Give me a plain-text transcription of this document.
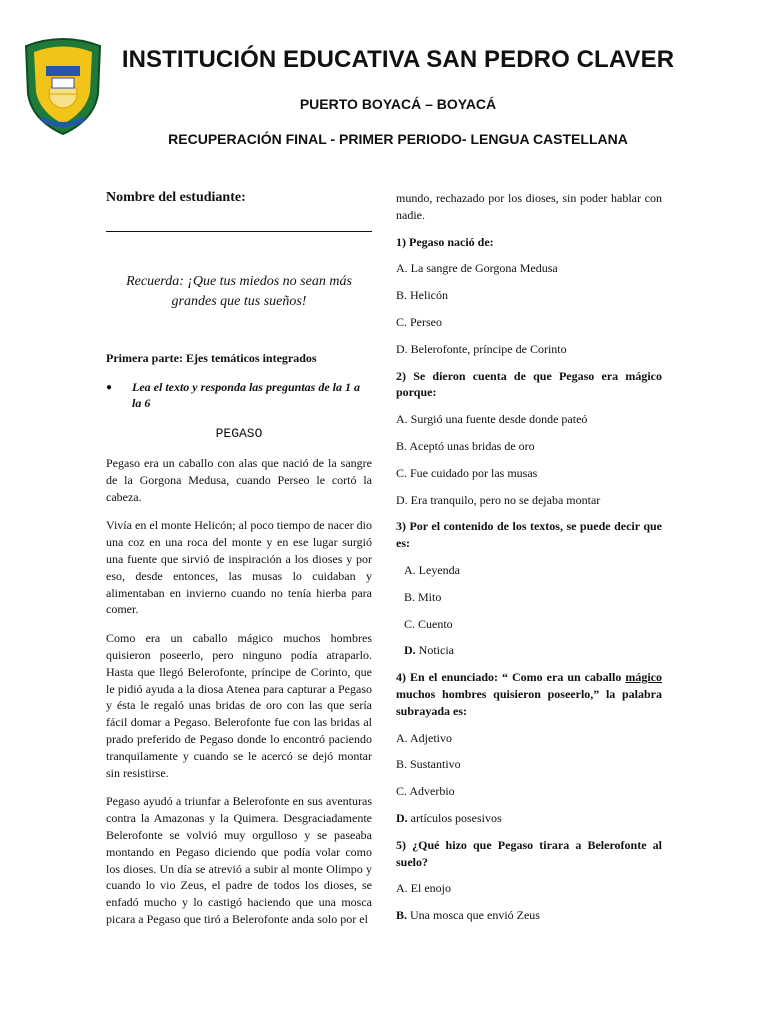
INSTITUCIÓN EDUCATIVA SAN PEDRO CLAVER

PUERTO BOYACÁ – BOYACÁ

RECUPERACIÓN FINAL - PRIMER PERIODO- LENGUA CASTELLANA

Nombre del estudiante:

Recuerda: ¡Que tus miedos no sean más grandes que tus sueños!

Primera parte: Ejes temáticos integrados

●	Lea el texto y responda las preguntas de la 1 a la 6

PEGASO

Pegaso era un caballo con alas que nació de la sangre de la Gorgona Medusa, cuando Perseo le cortó la cabeza.

Vivía en el monte Helicón; al poco tiempo de nacer dio una coz en una roca del monte y en ese lugar surgió una fuente que sirvió de inspiración a los dioses y por eso, desde entonces, las musas lo cuidaban y alimentaban en invierno cuando no tenía hierba para comer.

Como era un caballo mágico muchos hombres quisieron poseerlo, pero ninguno podía atraparlo. Hasta que llegó Belerofonte, príncipe de Corinto, que le pidió ayuda a la diosa Atenea para capturar a Pegaso y ésta le regaló unas bridas de oro con las que sería fácil domar a Pegaso. Belerofonte fue con las bridas al prado preferido de Pegaso donde lo encontró paciendo tranquilamente y cuando se le acercó se dejó montar sin resistirse.

Pegaso ayudó a triunfar a Belerofonte en sus aventuras contra la Amazonas y la Quimera. Desgraciadamente Belerofonte se volvió muy orgulloso y se paseaba montando en Pegaso diciendo que podía volar como los dioses. Un día se atrevió a subir al monte Olimpo y cuando lo vio Zeus, el padre de todos los dioses, se enfadó mucho y lo castigó haciendo que una mosca picara a Pegaso que tiró a Belerofonte anda solo por el

mundo, rechazado por los dioses, sin poder hablar con nadie.

1) Pegaso nació de:

A. La sangre de Gorgona Medusa

B. Helicón

C. Perseo

D. Belerofonte, príncipe de Corinto

2) Se dieron cuenta de que Pegaso era mágico porque:

A. Surgió una fuente desde donde pateó

B. Aceptó unas bridas de oro

C. Fue cuidado por las musas

D. Era tranquilo, pero no se dejaba montar

3) Por el contenido de los textos, se puede decir que es:

A. Leyenda

B. Mito

C. Cuento

D. Noticia

4) En el enunciado: “ Como era un caballo mágico muchos hombres quisieron poseerlo,” la palabra subrayada es:

A. Adjetivo

B. Sustantivo

C. Adverbio

D. artículos posesivos

5) ¿Qué hizo que Pegaso tirara a Belerofonte al suelo?

A. El enojo

B. Una mosca que envió Zeus
